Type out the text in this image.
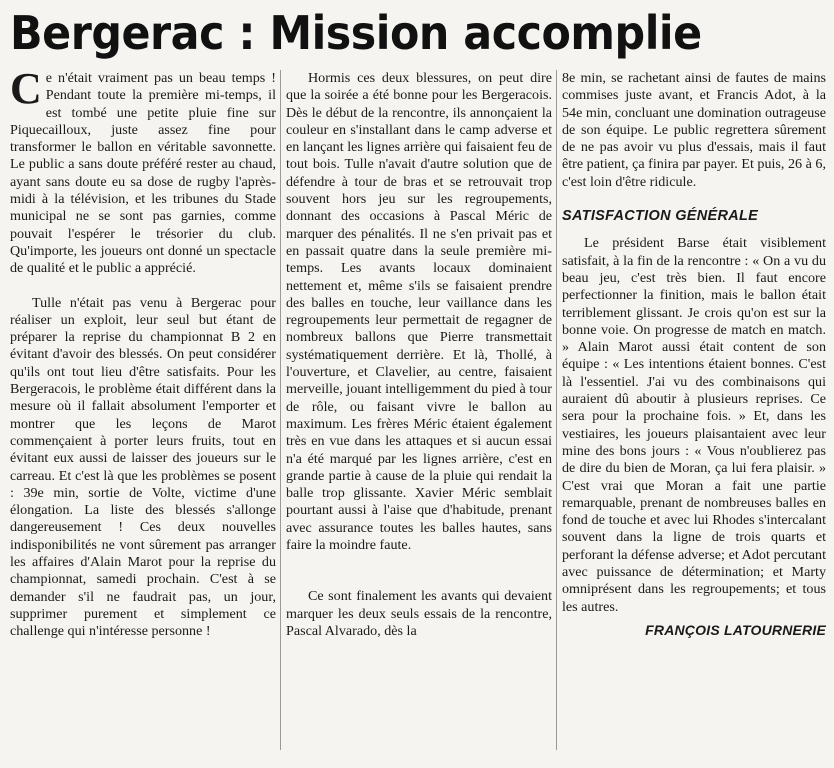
Bergerac : Mission accomplie

Ce n'était vraiment pas un beau temps ! Pendant toute la première mi-temps, il est tombé une petite pluie fine sur Piquecailloux, juste assez fine pour transformer le ballon en véritable savonnette. Le public a sans doute préféré rester au chaud, ayant sans doute eu sa dose de rugby l'après-midi à la télévision, et les tribunes du Stade municipal ne se sont pas garnies, comme pouvait l'espérer le trésorier du club. Qu'importe, les joueurs ont donné un spectacle de qualité et le public a apprécié.

Tulle n'était pas venu à Bergerac pour réaliser un exploit, leur seul but étant de préparer la reprise du championnat B 2 en évitant d'avoir des blessés. On peut considérer qu'ils ont tout lieu d'être satisfaits. Pour les Bergeracois, le problème était différent dans la mesure où il fallait absolument l'emporter et montrer que les leçons de Marot commençaient à porter leurs fruits, tout en évitant eux aussi de laisser des joueurs sur le carreau. Et c'est là que les problèmes se posent : 39e min, sortie de Volte, victime d'une élongation. La liste des blessés s'allonge dangereusement ! Ces deux nouvelles indisponibilités ne vont sûrement pas arranger les affaires d'Alain Marot pour la reprise du championnat, samedi prochain. C'est à se demander s'il ne faudrait pas, un jour, supprimer purement et simplement ce challenge qui n'intéresse personne !

Hormis ces deux blessures, on peut dire que la soirée a été bonne pour les Bergeracois. Dès le début de la rencontre, ils annonçaient la couleur en s'installant dans le camp adverse et en lançant les lignes arrière qui faisaient feu de tout bois. Tulle n'avait d'autre solution que de défendre à tour de bras et se retrouvait trop souvent hors jeu sur les regroupements, donnant des occasions à Pascal Méric de marquer des pénalités. Il ne s'en privait pas et en passait quatre dans la seule première mi-temps. Les avants locaux dominaient nettement et, même s'ils se faisaient prendre des balles en touche, leur vaillance dans les regroupements leur permettait de regagner de nombreux ballons que Pierre transmettait systématiquement derrière. Et là, Thollé, à l'ouverture, et Clavelier, au centre, faisaient merveille, jouant intelligemment du pied à tour de rôle, ou faisant vivre le ballon au maximum. Les frères Méric étaient également très en vue dans les attaques et si aucun essai n'a été marqué par les lignes arrière, c'est en grande partie à cause de la pluie qui rendait la balle trop glissante. Xavier Méric semblait pourtant aussi à l'aise que d'habitude, prenant avec assurance toutes les balles hautes, sans faire la moindre faute.

Ce sont finalement les avants qui devaient marquer les deux seuls essais de la rencontre, Pascal Alvarado, dès la

8e min, se rachetant ainsi de fautes de mains commises juste avant, et Francis Adot, à la 54e min, concluant une domination outrageuse de son équipe. Le public regrettera sûrement de ne pas avoir vu plus d'essais, mais il faut être patient, ça finira par payer. Et puis, 26 à 6, c'est loin d'être ridicule.

SATISFACTION GÉNÉRALE

Le président Barse était visiblement satisfait, à la fin de la rencontre : « On a vu du beau jeu, c'est très bien. Il faut encore perfectionner la finition, mais le ballon était terriblement glissant. Je crois qu'on est sur la bonne voie. On progresse de match en match. » Alain Marot aussi était content de son équipe : « Les intentions étaient bonnes. C'est là l'essentiel. J'ai vu des combinaisons qui auraient dû aboutir à plusieurs reprises. Ce sera pour la prochaine fois. » Et, dans les vestiaires, les joueurs plaisantaient avec leur mine des bons jours : « Vous n'oublierez pas de dire du bien de Moran, ça lui fera plaisir. » C'est vrai que Moran a fait une partie remarquable, prenant de nombreuses balles en fond de touche et avec lui Rhodes s'intercalant souvent dans la ligne de trois quarts et perforant la défense adverse; et Adot percutant avec puissance de détermination; et Marty omniprésent dans les regroupements; et tous les autres.

FRANÇOIS LATOURNERIE
